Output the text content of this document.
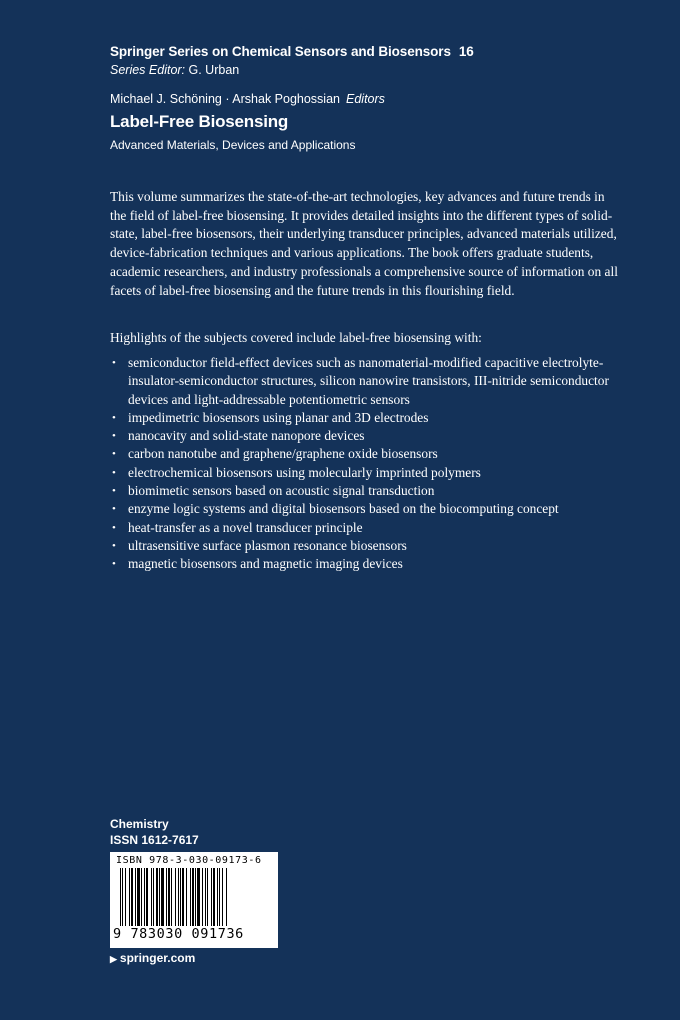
Springer Series on Chemical Sensors and Biosensors 16
Series Editor: G. Urban
Michael J. Schöning · Arshak Poghossian Editors
Label-Free Biosensing
Advanced Materials, Devices and Applications

This volume summarizes the state-of-the-art technologies, key advances and future trends in the field of label-free biosensing. It provides detailed insights into the different types of solid-state, label-free biosensors, their underlying transducer principles, advanced materials utilized, device-fabrication techniques and various applications. The book offers graduate students, academic researchers, and industry professionals a comprehensive source of information on all facets of label-free biosensing and the future trends in this flourishing field.

Highlights of the subjects covered include label-free biosensing with:

• semiconductor field-effect devices such as nanomaterial-modified capacitive electrolyte-insulator-semiconductor structures, silicon nanowire transistors, III-nitride semiconductor devices and light-addressable potentiometric sensors
• impedimetric biosensors using planar and 3D electrodes
• nanocavity and solid-state nanopore devices
• carbon nanotube and graphene/graphene oxide biosensors
• electrochemical biosensors using molecularly imprinted polymers
• biomimetic sensors based on acoustic signal transduction
• enzyme logic systems and digital biosensors based on the biocomputing concept
• heat-transfer as a novel transducer principle
• ultrasensitive surface plasmon resonance biosensors
• magnetic biosensors and magnetic imaging devices
Chemistry
ISSN 1612-7617
ISBN 978-3-030-09173-6
9 783030 091736
▶ springer.com
